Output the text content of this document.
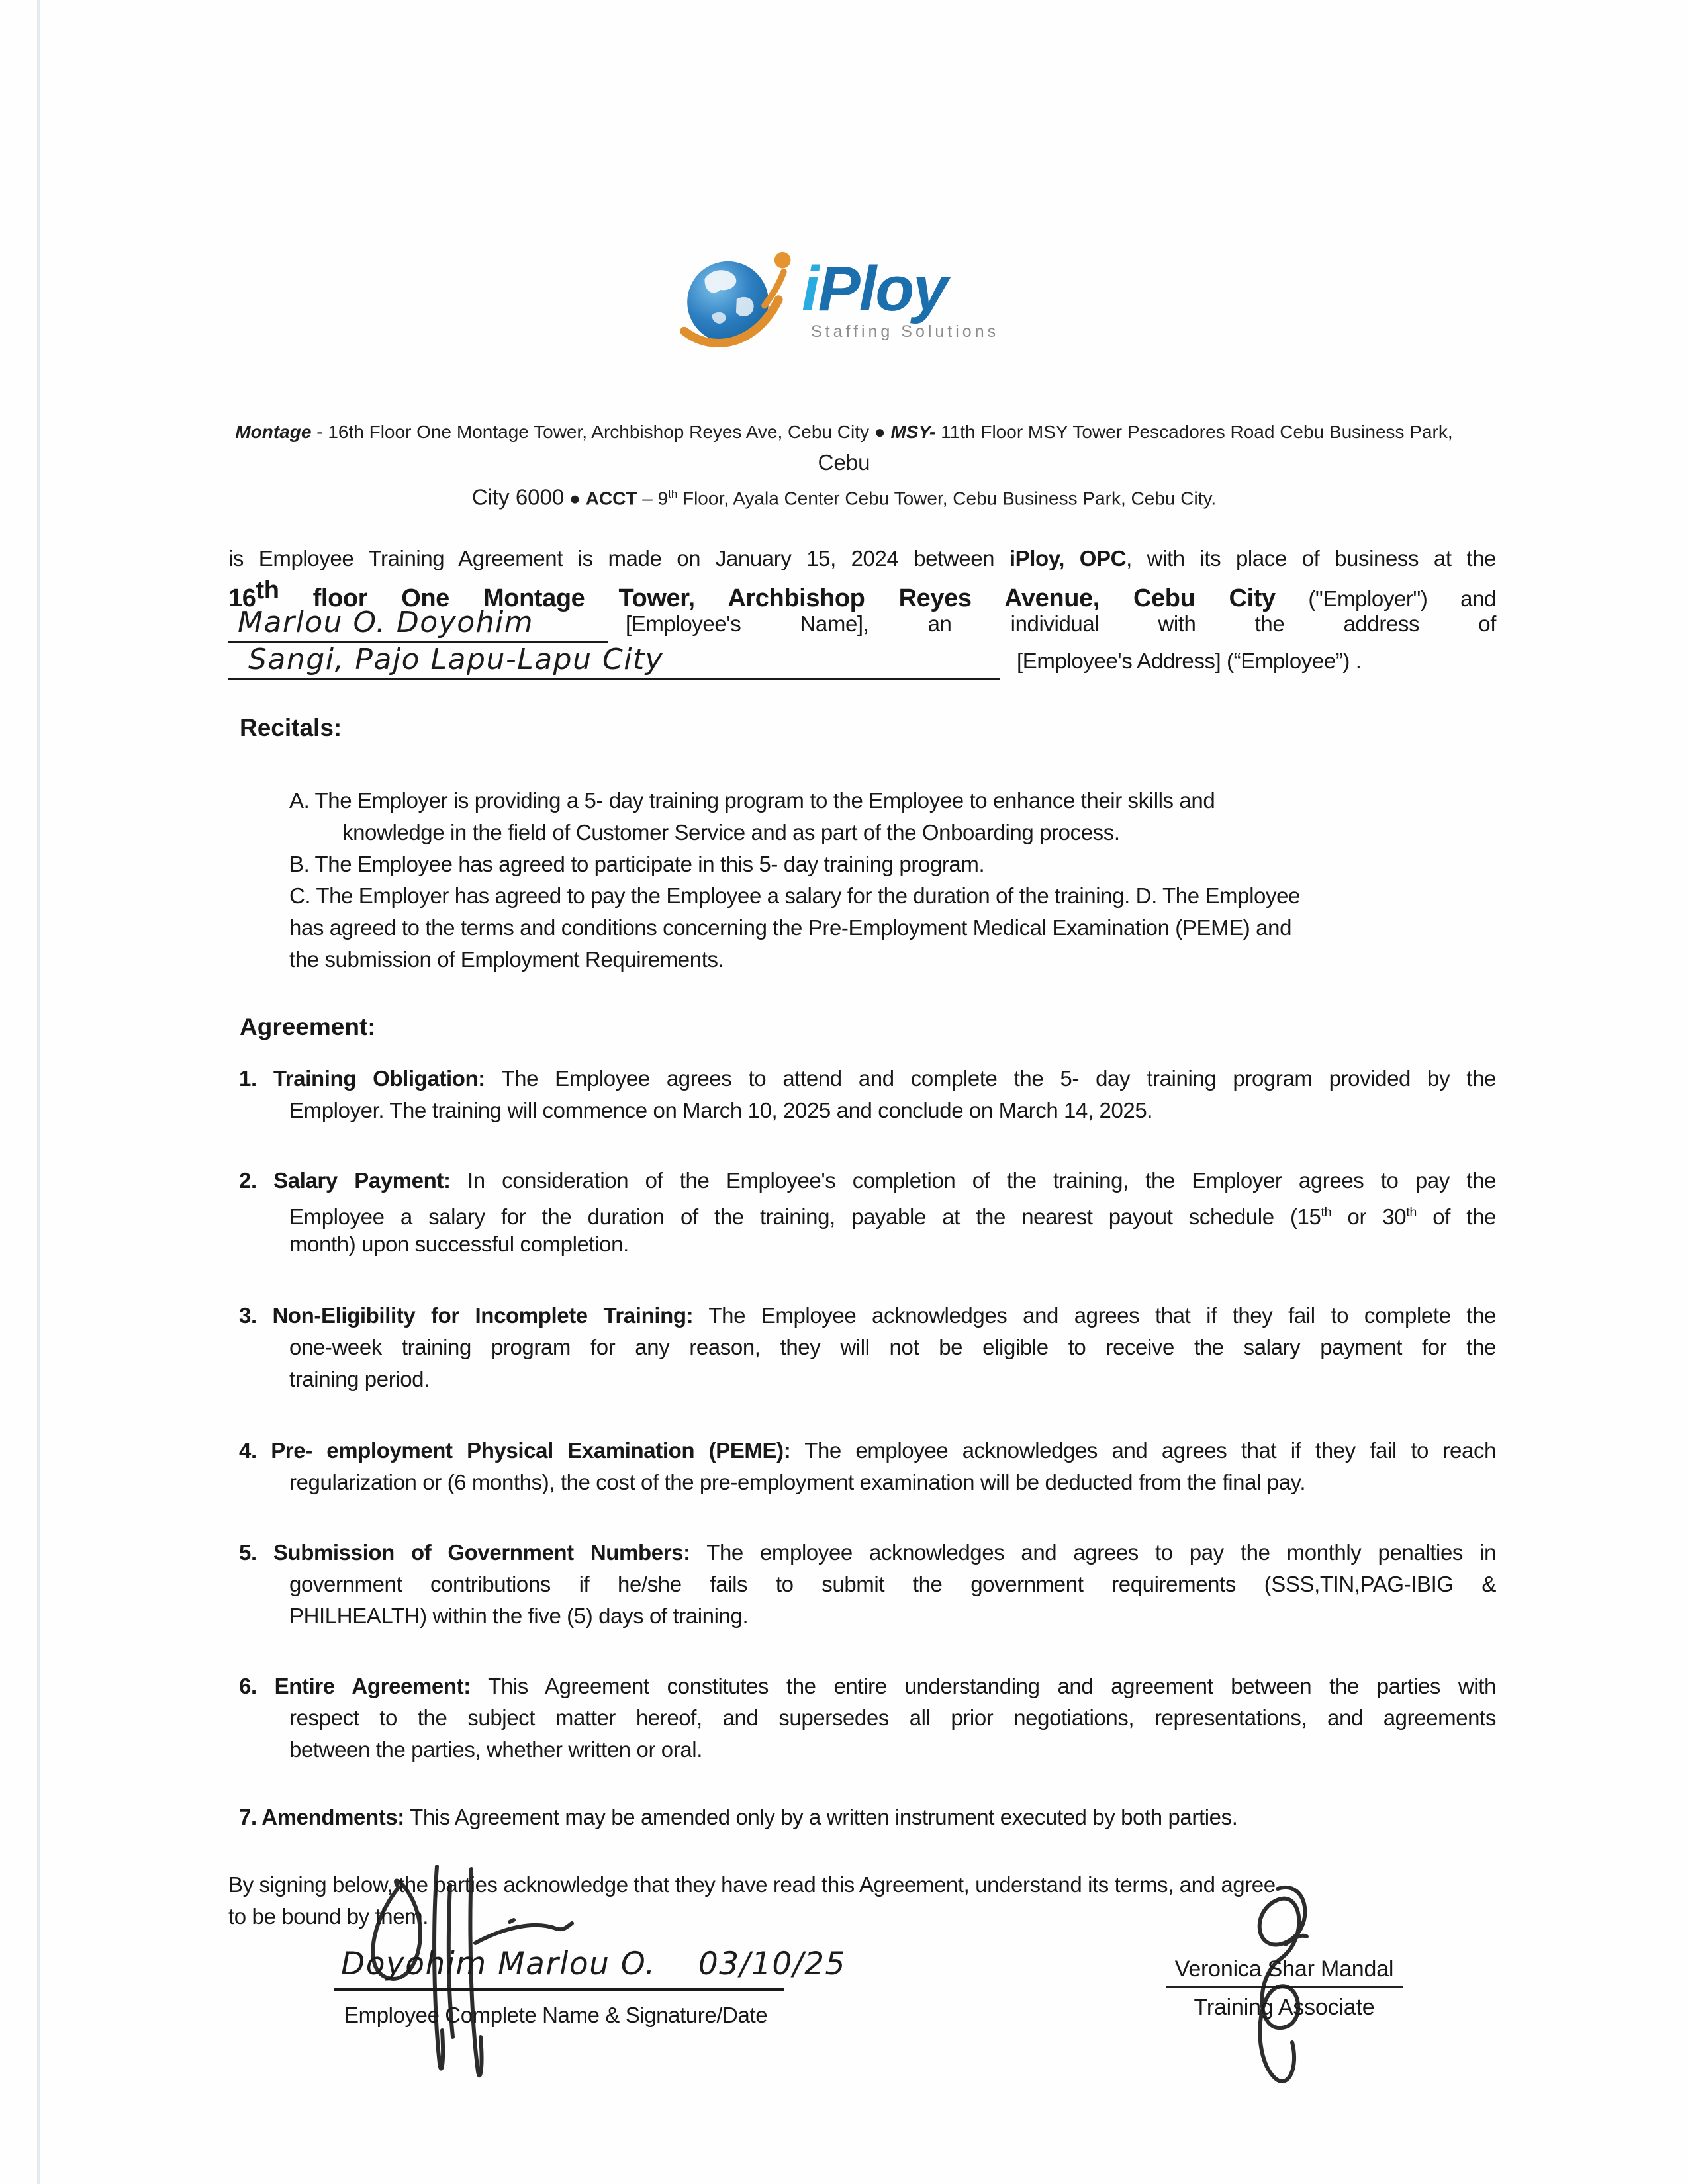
iPloy
Staffing Solutions
Montage - 16th Floor One Montage Tower, Archbishop Reyes Ave, Cebu City ● MSY- 11th Floor MSY Tower Pescadores Road Cebu Business Park, Cebu
City 6000 ● ACCT – 9th Floor, Ayala Center Cebu Tower, Cebu Business Park, Cebu City.
is Employee Training Agreement is made on January 15, 2024 between iPloy, OPC, with its place of business at the
16th floor One Montage Tower, Archbishop Reyes Avenue, Cebu City ("Employer") and
Marlou O. Doyohim	[Employee's Name], an individual with the address of
Sangi, Pajo Lapu-Lapu City	[Employee's Address] (“Employee”) .
Recitals:
A. The Employer is providing a 5- day training program to the Employee to enhance their skills and
knowledge in the field of Customer Service and as part of the Onboarding process.
B. The Employee has agreed to participate in this 5- day training program.
C. The Employer has agreed to pay the Employee a salary for the duration of the training. D. The Employee
has agreed to the terms and conditions concerning the Pre-Employment Medical Examination (PEME) and
the submission of Employment Requirements.
Agreement:
1. Training Obligation: The Employee agrees to attend and complete the 5- day training program provided by the
Employer. The training will commence on March 10, 2025 and conclude on March 14, 2025.
2. Salary Payment: In consideration of the Employee's completion of the training, the Employer agrees to pay the
Employee a salary for the duration of the training, payable at the nearest payout schedule (15th or 30th of the
month) upon successful completion.
3. Non-Eligibility for Incomplete Training: The Employee acknowledges and agrees that if they fail to complete the
one-week training program for any reason, they will not be eligible to receive the salary payment for the
training period.
4. Pre- employment Physical Examination (PEME): The employee acknowledges and agrees that if they fail to reach
regularization or (6 months), the cost of the pre-employment examination will be deducted from the final pay.
5. Submission of Government Numbers: The employee acknowledges and agrees to pay the monthly penalties in
government contributions if he/she fails to submit the government requirements (SSS,TIN,PAG-IBIG &
PHILHEALTH) within the five (5) days of training.
6. Entire Agreement: This Agreement constitutes the entire understanding and agreement between the parties with
respect to the subject matter hereof, and supersedes all prior negotiations, representations, and agreements
between the parties, whether written or oral.
7. Amendments: This Agreement may be amended only by a written instrument executed by both parties.
By signing below, the parties acknowledge that they have read this Agreement, understand its terms, and agree
to be bound by them.
Doyohim Marlou O. 03/10/25
Employee Complete Name & Signature/Date
Veronica Shar Mandal
Training Associate
